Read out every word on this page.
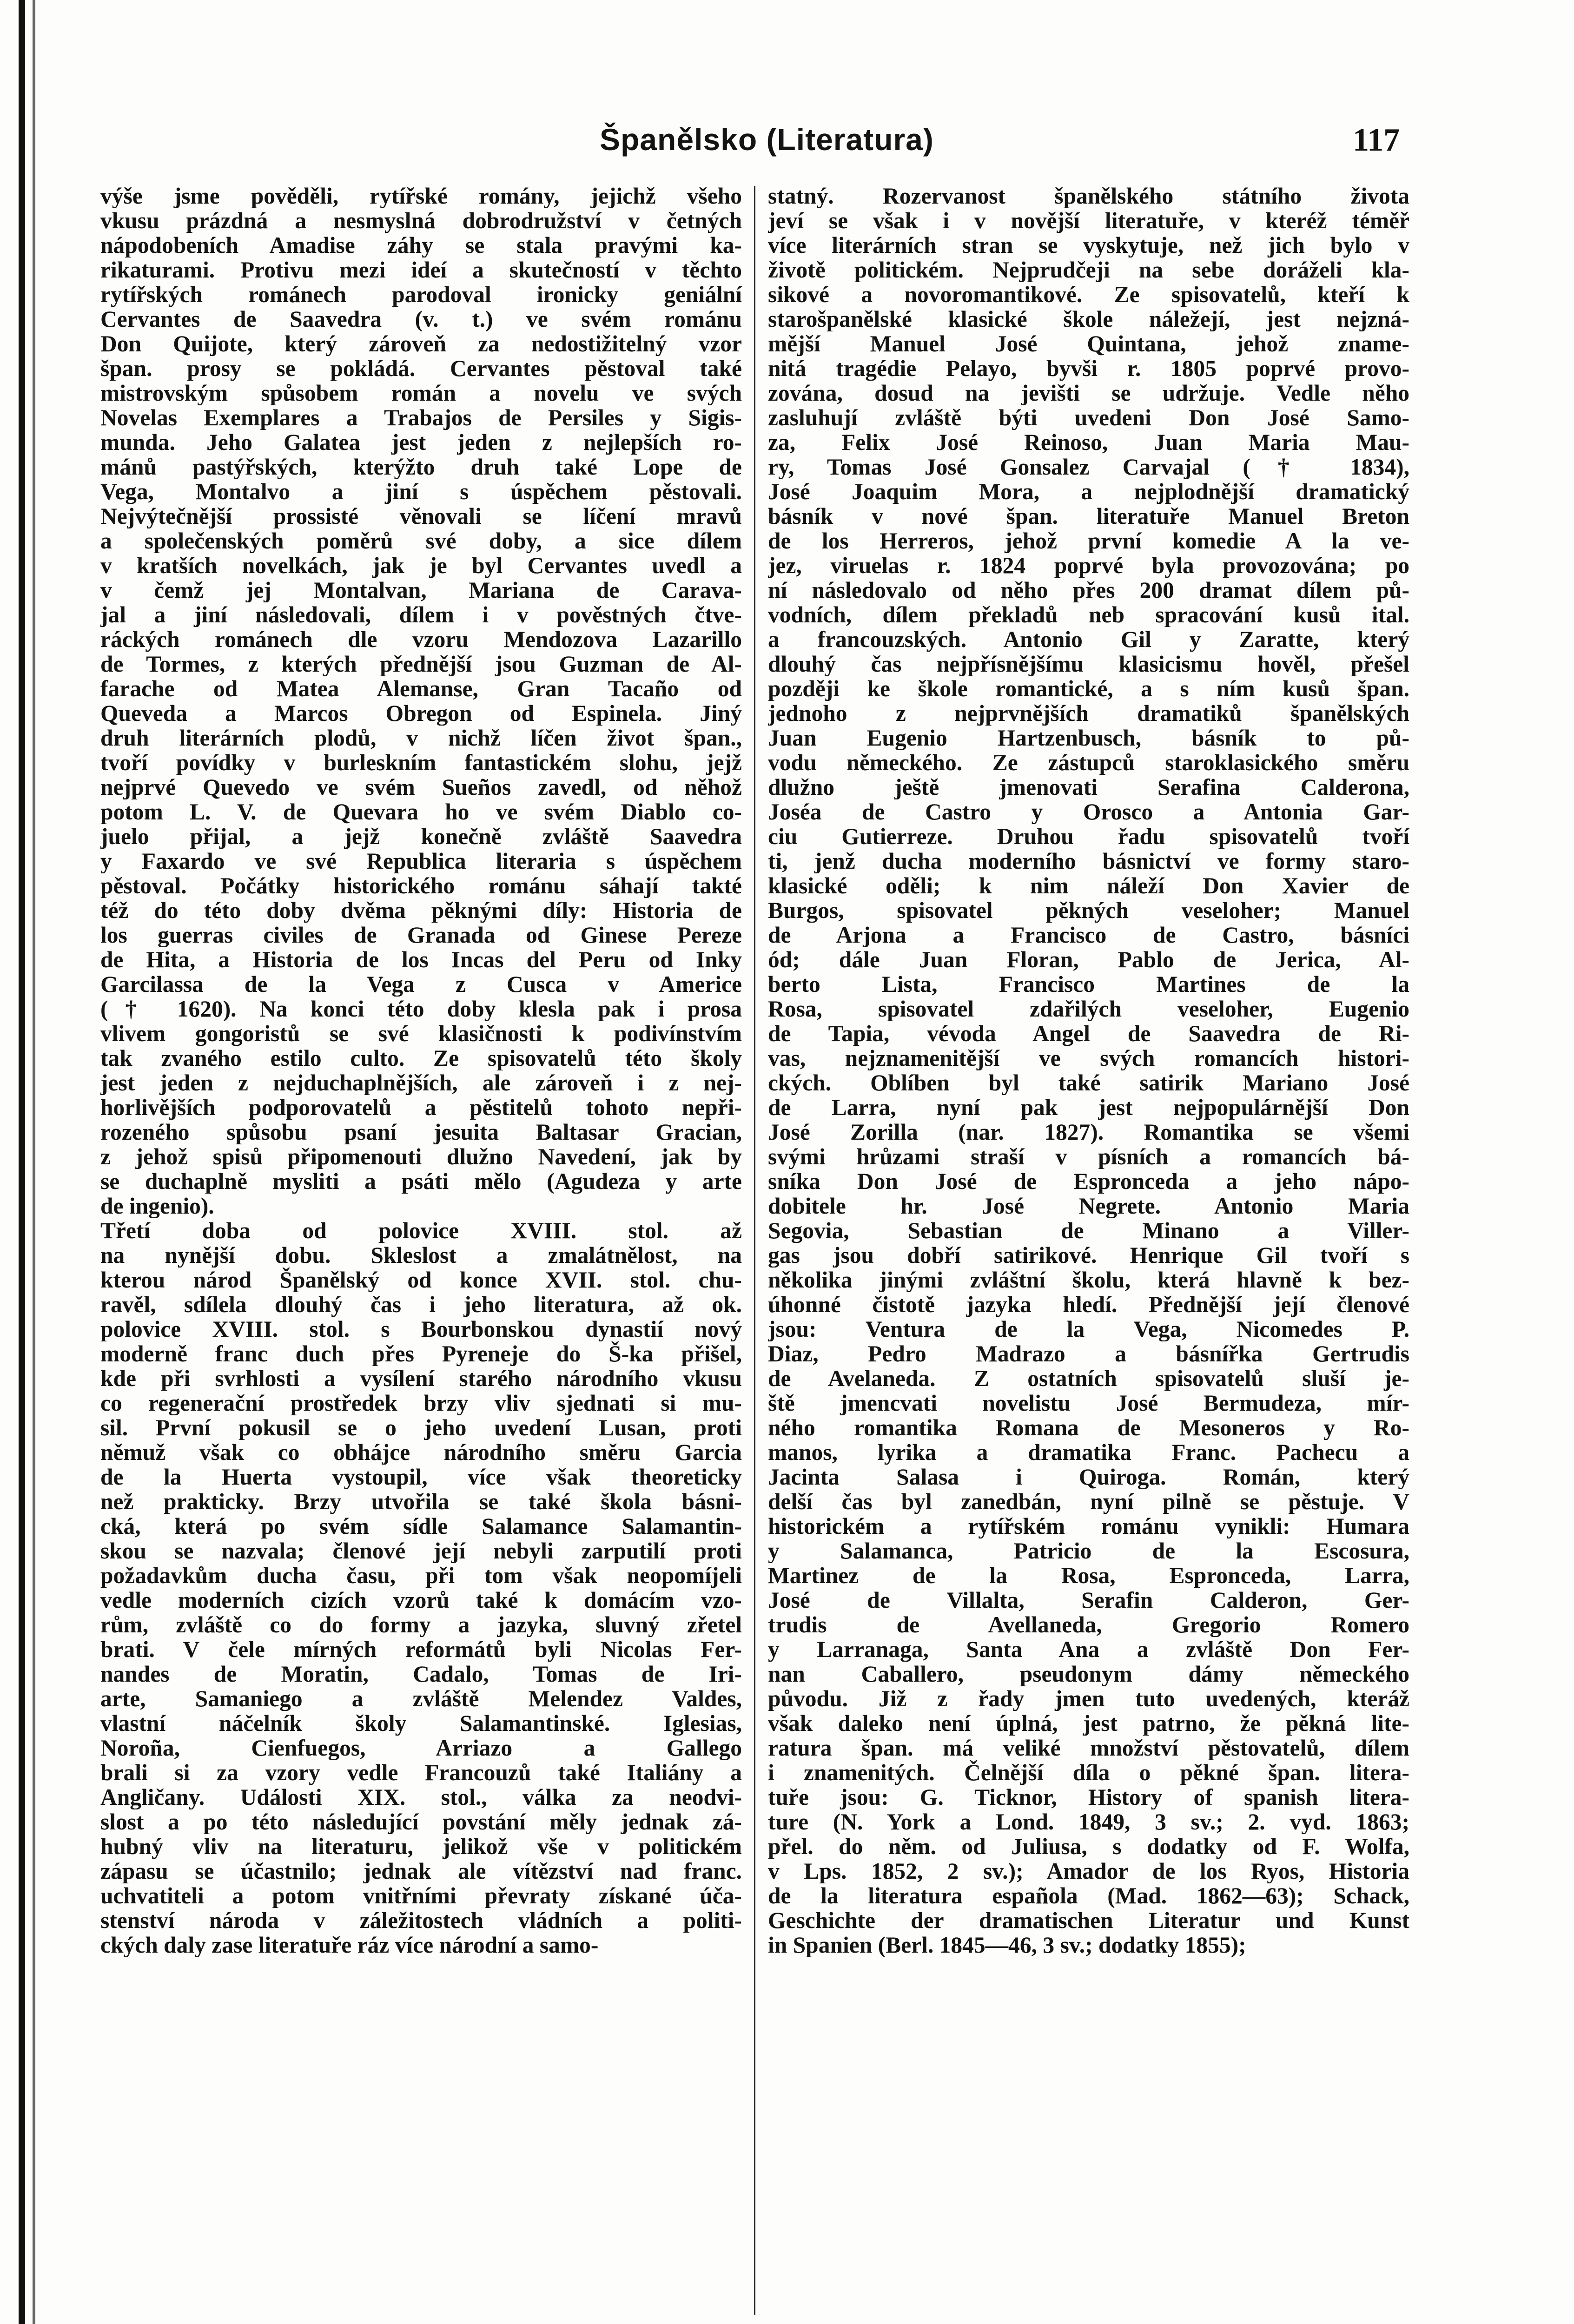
Španělsko (Literatura)	117
výše jsme pověděli, rytířské romány, jejichž všeho
vkusu prázdná a nesmyslná dobrodružství v četných
nápodobeních Amadise záhy se stala pravými ka-
rikaturami. Protivu mezi ideí a skutečností v těchto
rytířských románech parodoval ironicky geniální
Cervantes de Saavedra (v. t.) ve svém románu
Don Quijote, který zároveň za nedostižitelný vzor
špan. prosy se pokládá. Cervantes pěstoval také
mistrovským spůsobem román a novelu ve svých
Novelas Exemplares a Trabajos de Persiles y Sigis-
munda. Jeho Galatea jest jeden z nejlepších ro-
mánů pastýřských, kterýžto druh také Lope de
Vega, Montalvo a jiní s úspěchem pěstovali.
Nejvýtečnější prossisté věnovali se líčení mravů
a společenských poměrů své doby, a sice dílem
v kratších novelkách, jak je byl Cervantes uvedl a
v čemž jej Montalvan, Mariana de Carava-
jal a jiní následovali, dílem i v pověstných čtve-
ráckých románech dle vzoru Mendozova Lazarillo
de Tormes, z kterých přednější jsou Guzman de Al-
farache od Matea Alemanse, Gran Tacaño od
Queveda a Marcos Obregon od Espinela. Jiný
druh literárních plodů, v nichž líčen život špan.,
tvoří povídky v burleskním fantastickém slohu, jejž
nejprvé Quevedo ve svém Sueños zavedl, od něhož
potom L. V. de Quevara ho ve svém Diablo co-
juelo přijal, a jejž konečně zvláště Saavedra
y Faxardo ve své Republica literaria s úspěchem
pěstoval. Počátky historického románu sáhají takté
též do této doby dvěma pěknými díly: Historia de
los guerras civiles de Granada od Ginese Pereze
de Hita, a Historia de los Incas del Peru od Inky
Garcilassa de la Vega z Cusca v Americe
(† 1620). Na konci této doby klesla pak i prosa
vlivem gongoristů se své klasičnosti k podivínstvím
tak zvaného estilo culto. Ze spisovatelů této školy
jest jeden z nejduchaplnějších, ale zároveň i z nej-
horlivějších podporovatelů a pěstitelů tohoto nepři-
rozeného spůsobu psaní jesuita Baltasar Gracian,
z jehož spisů připomenouti dlužno Navedení, jak by
se duchaplně mysliti a psáti mělo (Agudeza y arte
de ingenio).
Třetí doba od polovice XVIII. stol. až
na nynější dobu. Skleslost a zmalátnělost, na
kterou národ Španělský od konce XVII. stol. chu-
ravěl, sdílela dlouhý čas i jeho literatura, až ok.
polovice XVIII. stol. s Bourbonskou dynastií nový
moderně franc duch přes Pyreneje do Š-ka přišel,
kde při svrhlosti a vysílení starého národního vkusu
co regenerační prostředek brzy vliv sjednati si mu-
sil. První pokusil se o jeho uvedení Lusan, proti
němuž však co obhájce národního směru Garcia
de la Huerta vystoupil, více však theoreticky
než prakticky. Brzy utvořila se také škola básni-
cká, která po svém sídle Salamance Salamantin-
skou se nazvala; členové její nebyli zarputilí proti
požadavkům ducha času, při tom však neopomíjeli
vedle moderních cizích vzorů také k domácím vzo-
rům, zvláště co do formy a jazyka, sluvný zřetel
brati. V čele mírných reformátů byli Nicolas Fer-
nandes de Moratin, Cadalo, Tomas de Iri-
arte, Samaniego a zvláště Melendez Valdes,
vlastní náčelník školy Salamantinské. Iglesias,
Noroña, Cienfuegos, Arriazo a Gallego
brali si za vzory vedle Francouzů také Italiány a
Angličany. Události XIX. stol., válka za neodvi-
slost a po této následující povstání měly jednak zá-
hubný vliv na literaturu, jelikož vše v politickém
zápasu se účastnilo; jednak ale vítězství nad franc.
uchvatiteli a potom vnitřními převraty získané úča-
stenství národa v záležitostech vládních a politi-
ckých daly zase literatuře ráz více národní a samo-
statný. Rozervanost španělského státního života
jeví se však i v novější literatuře, v kteréž téměř
více literárních stran se vyskytuje, než jich bylo v
životě politickém. Nejprudčeji na sebe doráželi kla-
sikové a novoromantikové. Ze spisovatelů, kteří k
starošpanělské klasické škole náležejí, jest nejzná-
mější Manuel José Quintana, jehož zname-
nitá tragédie Pelayo, byvši r. 1805 poprvé provo-
zována, dosud na jevišti se udržuje. Vedle něho
zasluhují zvláště býti uvedeni Don José Samo-
za, Felix José Reinoso, Juan Maria Mau-
ry, Tomas José Gonsalez Carvajal († 1834),
José Joaquim Mora, a nejplodnější dramatický
básník v nové špan. literatuře Manuel Breton
de los Herreros, jehož první komedie A la ve-
jez, viruelas r. 1824 poprvé byla provozována; po
ní následovalo od něho přes 200 dramat dílem pů-
vodních, dílem překladů neb spracování kusů ital.
a francouzských. Antonio Gil y Zaratte, který
dlouhý čas nejpřísnějšímu klasicismu hověl, přešel
později ke škole romantické, a s ním kusů špan.
jednoho z nejprvnějších dramatiků španělských
Juan Eugenio Hartzenbusch, básník to pů-
vodu německého. Ze zástupců staroklasického směru
dlužno ještě jmenovati Serafina Calderona,
Joséa de Castro y Orosco a Antonia Gar-
ciu Gutierreze. Druhou řadu spisovatelů tvoří
ti, jenž ducha moderního básnictví ve formy staro-
klasické oděli; k nim náleží Don Xavier de
Burgos, spisovatel pěkných veseloher; Manuel
de Arjona a Francisco de Castro, básníci
ód; dále Juan Floran, Pablo de Jerica, Al-
berto Lista, Francisco Martines de la
Rosa, spisovatel zdařilých veseloher, Eugenio
de Tapia, vévoda Angel de Saavedra de Ri-
vas, nejznamenitější ve svých romancích histori-
ckých. Oblíben byl také satirik Mariano José
de Larra, nyní pak jest nejpopulárnější Don
José Zorilla (nar. 1827). Romantika se všemi
svými hrůzami straší v písních a romancích bá-
sníka Don José de Espronceda a jeho nápo-
dobitele hr. José Negrete. Antonio Maria
Segovia, Sebastian de Minano a Viller-
gas jsou dobří satirikové. Henrique Gil tvoří s
několika jinými zvláštní školu, která hlavně k bez-
úhonné čistotě jazyka hledí. Přednější její členové
jsou: Ventura de la Vega, Nicomedes P.
Diaz, Pedro Madrazo a básnířka Gertrudis
de Avelaneda. Z ostatních spisovatelů sluší je-
ště jmencvati novelistu José Bermudeza, mír-
ného romantika Romana de Mesoneros y Ro-
manos, lyrika a dramatika Franc. Pachecu a
Jacinta Salasa i Quiroga. Román, který
delší čas byl zanedbán, nyní pilně se pěstuje. V
historickém a rytířském románu vynikli: Humara
y Salamanca, Patricio de la Escosura,
Martinez de la Rosa, Espronceda, Larra,
José de Villalta, Serafin Calderon, Ger-
trudis de Avellaneda, Gregorio Romero
y Larranaga, Santa Ana a zvláště Don Fer-
nan Caballero, pseudonym dámy německého
původu. Již z řady jmen tuto uvedených, kteráž
však daleko není úplná, jest patrno, že pěkná lite-
ratura špan. má veliké množství pěstovatelů, dílem
i znamenitých. Čelnější díla o pěkné špan. litera-
tuře jsou: G. Ticknor, History of spanish litera-
ture (N. York a Lond. 1849, 3 sv.; 2. vyd. 1863;
přel. do něm. od Juliusa, s dodatky od F. Wolfa,
v Lps. 1852, 2 sv.); Amador de los Ryos, Historia
de la literatura española (Mad. 1862—63); Schack,
Geschichte der dramatischen Literatur und Kunst
in Spanien (Berl. 1845—46, 3 sv.; dodatky 1855);
